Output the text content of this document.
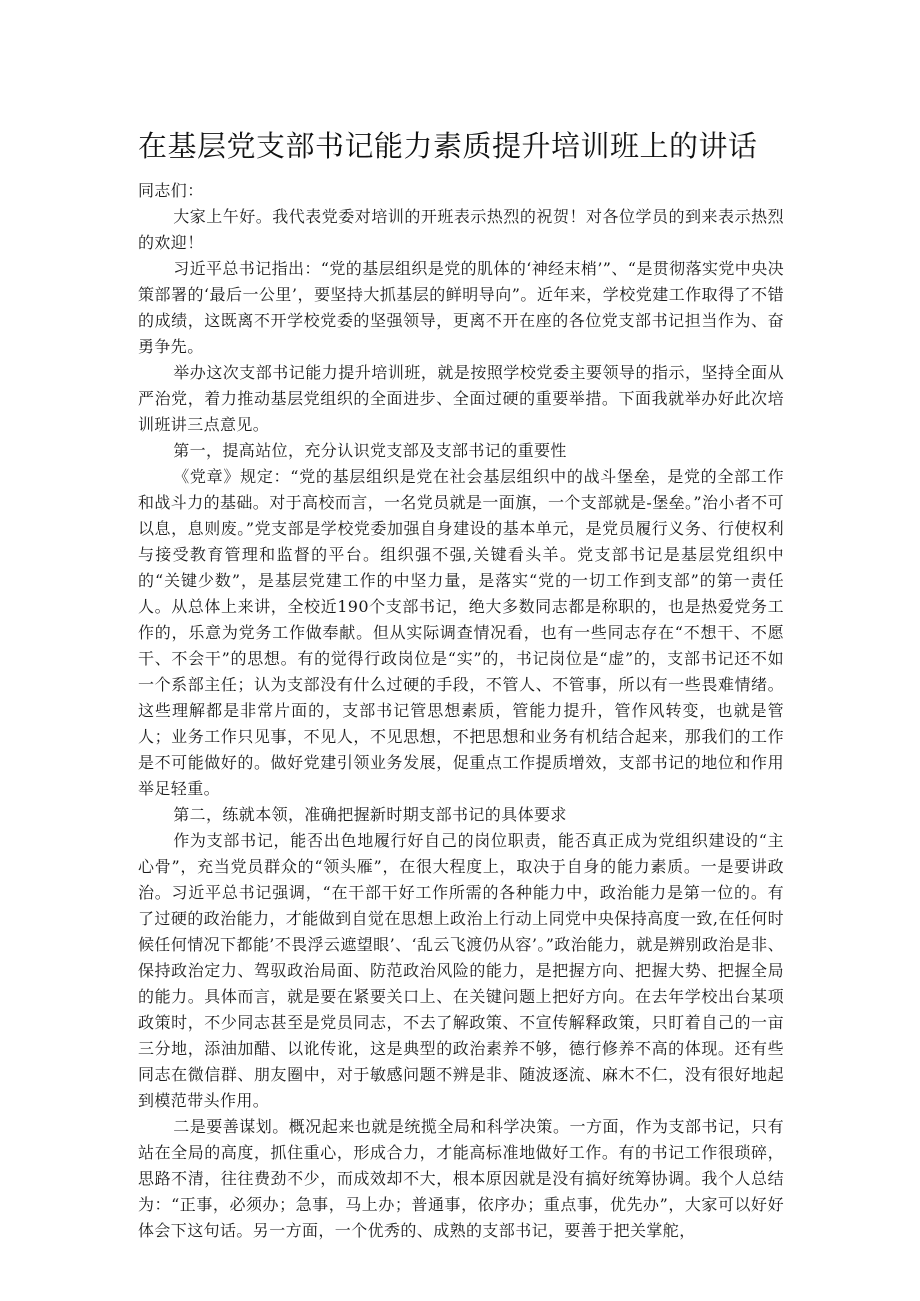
在基层党支部书记能力素质提升培训班上的讲话

同志们：

大家上午好。我代表党委对培训的开班表示热烈的祝贺！对各位学员的到来表示热烈的欢迎！

习近平总书记指出：“党的基层组织是党的肌体的‘神经末梢’”、“是贯彻落实党中央决策部署的‘最后一公里’，要坚持大抓基层的鲜明导向”。近年来，学校党建工作取得了不错的成绩，这既离不开学校党委的坚强领导，更离不开在座的各位党支部书记担当作为、奋勇争先。

举办这次支部书记能力提升培训班，就是按照学校党委主要领导的指示，坚持全面从严治党，着力推动基层党组织的全面进步、全面过硬的重要举措。下面我就举办好此次培训班讲三点意见。

第一，提高站位，充分认识党支部及支部书记的重要性

《党章》规定：“党的基层组织是党在社会基层组织中的战斗堡垒，是党的全部工作和战斗力的基础。对于高校而言，一名党员就是一面旗，一个支部就是-堡垒。”治小者不可以息，息则废。”党支部是学校党委加强自身建设的基本单元，是党员履行义务、行使权利与接受教育管理和监督的平台。组织强不强,关键看头羊。党支部书记是基层党组织中的“关键少数”，是基层党建工作的中坚力量，是落实“党的一切工作到支部”的第一责任人。从总体上来讲，全校近190个支部书记，绝大多数同志都是称职的，也是热爱党务工作的，乐意为党务工作做奉献。但从实际调查情况看，也有一些同志存在“不想干、不愿干、不会干”的思想。有的觉得行政岗位是“实”的，书记岗位是“虚”的，支部书记还不如一个系部主任；认为支部没有什么过硬的手段，不管人、不管事，所以有一些畏难情绪。这些理解都是非常片面的，支部书记管思想素质，管能力提升，管作风转变，也就是管人；业务工作只见事，不见人，不见思想，不把思想和业务有机结合起来，那我们的工作是不可能做好的。做好党建引领业务发展，促重点工作提质增效，支部书记的地位和作用举足轻重。

第二，练就本领，准确把握新时期支部书记的具体要求

作为支部书记，能否出色地履行好自己的岗位职责，能否真正成为党组织建设的“主心骨”，充当党员群众的“领头雁”，在很大程度上，取决于自身的能力素质。一是要讲政治。习近平总书记强调，“在干部干好工作所需的各种能力中，政治能力是第一位的。有了过硬的政治能力，才能做到自觉在思想上政治上行动上同党中央保持高度一致,在任何时候任何情况下都能’不畏浮云遮望眼’、‘乱云飞渡仍从容’。”政治能力，就是辨别政治是非、保持政治定力、驾驭政治局面、防范政治风险的能力，是把握方向、把握大势、把握全局的能力。具体而言，就是要在紧要关口上、在关键问题上把好方向。在去年学校出台某项政策时，不少同志甚至是党员同志，不去了解政策、不宣传解释政策，只盯着自己的一亩三分地，添油加醋、以讹传讹，这是典型的政治素养不够，德行修养不高的体现。还有些同志在微信群、朋友圈中，对于敏感问题不辨是非、随波逐流、麻木不仁，没有很好地起到模范带头作用。

二是要善谋划。概况起来也就是统揽全局和科学决策。一方面，作为支部书记，只有站在全局的高度，抓住重心，形成合力，才能高标准地做好工作。有的书记工作很琐碎，思路不清，往往费劲不少，而成效却不大，根本原因就是没有搞好统筹协调。我个人总结为：“正事，必须办；急事，马上办；普通事，依序办；重点事，优先办”，大家可以好好体会下这句话。另一方面，一个优秀的、成熟的支部书记，要善于把关掌舵，
